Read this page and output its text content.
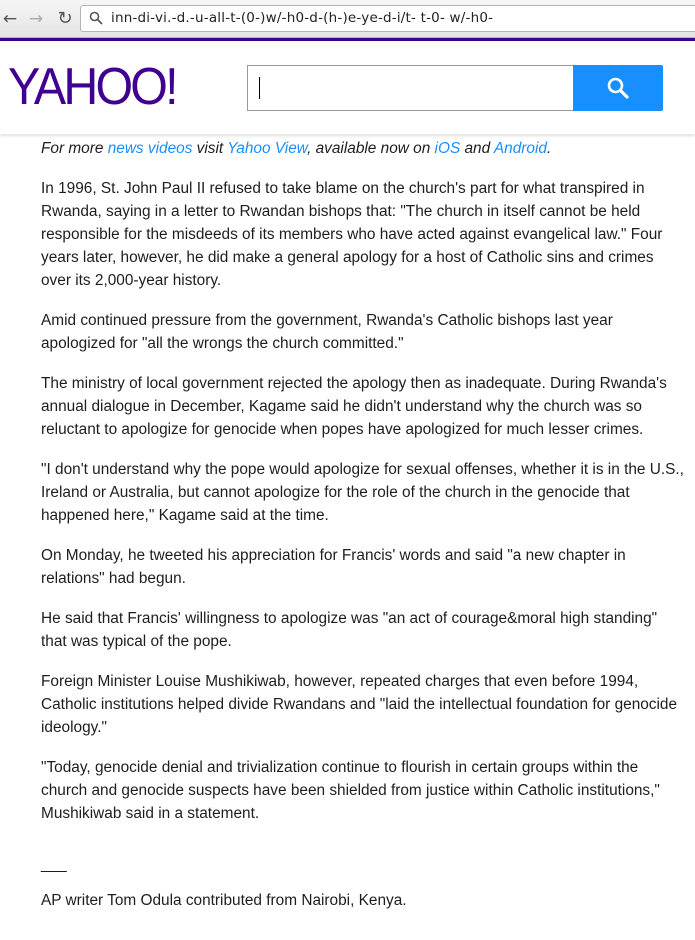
← → ↻	inn-di-vi.-d.-u-all-t-(0-)w/-h0-d-(h-)e-ye-d-i/t- t-0- w/-h0-
YAHOO!

For more news videos visit Yahoo View, available now on iOS and Android.

In 1996, St. John Paul II refused to take blame on the church's part for what transpired in Rwanda, saying in a letter to Rwandan bishops that: "The church in itself cannot be held responsible for the misdeeds of its members who have acted against evangelical law." Four years later, however, he did make a general apology for a host of Catholic sins and crimes over its 2,000-year history.

Amid continued pressure from the government, Rwanda's Catholic bishops last year apologized for "all the wrongs the church committed."

The ministry of local government rejected the apology then as inadequate. During Rwanda's annual dialogue in December, Kagame said he didn't understand why the church was so reluctant to apologize for genocide when popes have apologized for much lesser crimes.

"I don't understand why the pope would apologize for sexual offenses, whether it is in the U.S., Ireland or Australia, but cannot apologize for the role of the church in the genocide that happened here," Kagame said at the time.

On Monday, he tweeted his appreciation for Francis' words and said "a new chapter in relations" had begun.

He said that Francis' willingness to apologize was "an act of courage&moral high standing" that was typical of the pope.

Foreign Minister Louise Mushikiwab, however, repeated charges that even before 1994, Catholic institutions helped divide Rwandans and "laid the intellectual foundation for genocide ideology."

"Today, genocide denial and trivialization continue to flourish in certain groups within the church and genocide suspects have been shielded from justice within Catholic institutions," Mushikiwab said in a statement.

___

AP writer Tom Odula contributed from Nairobi, Kenya.
